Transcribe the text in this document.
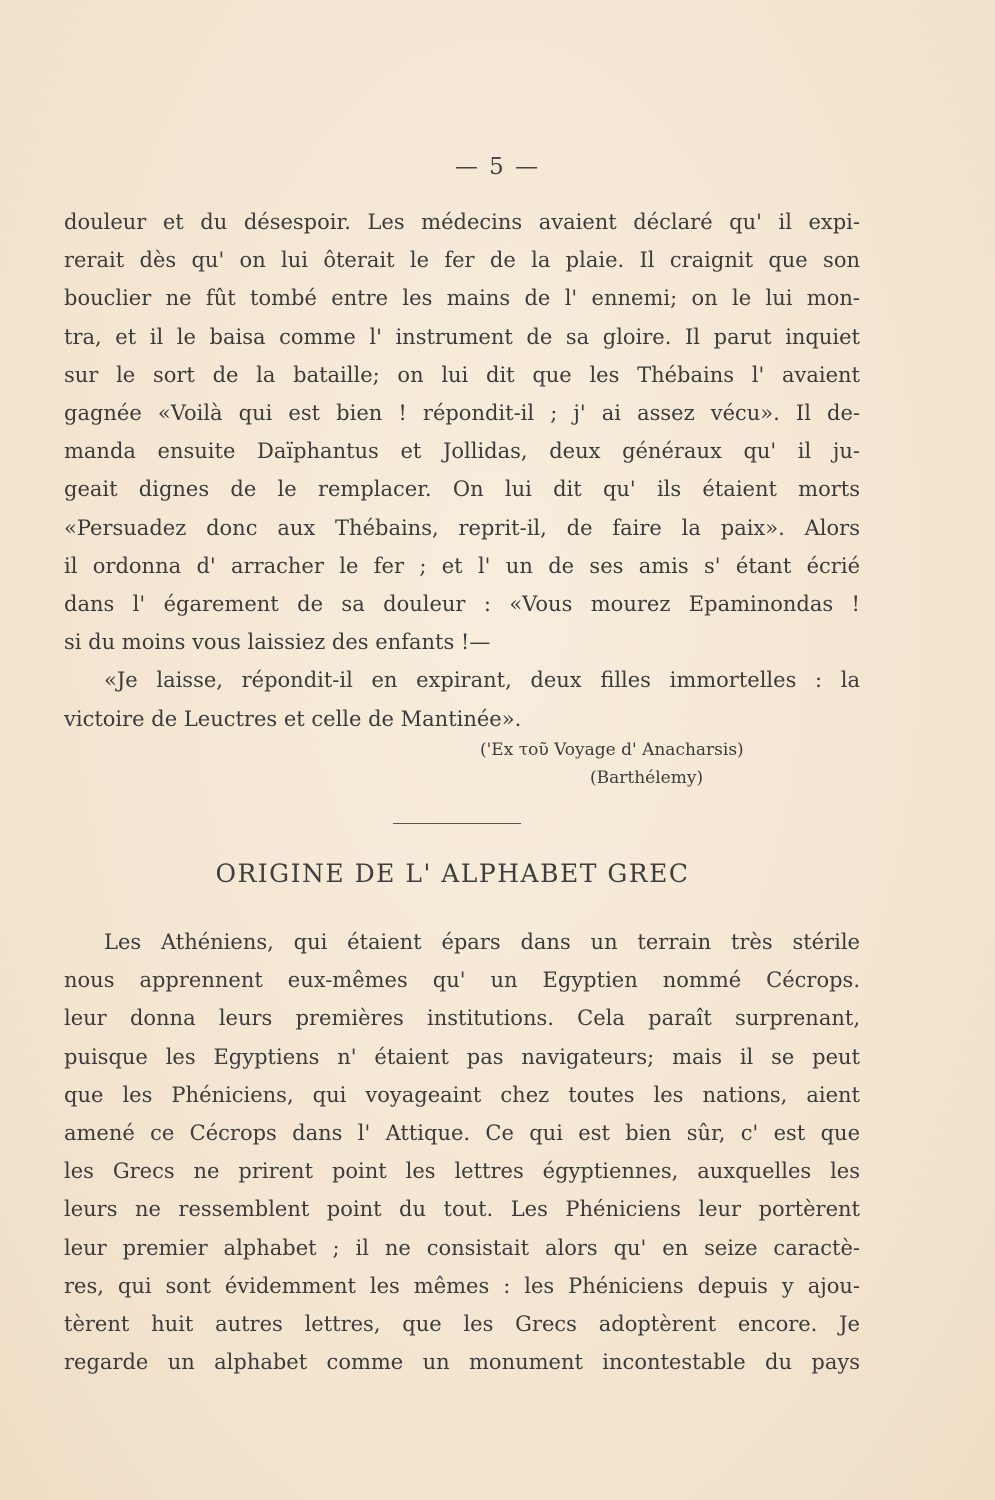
— 5 —
douleur et du désespoir. Les médecins avaient déclaré qu' il expi-
rerait dès qu' on lui ôterait le fer de la plaie. Il craignit que son
bouclier ne fût tombé entre les mains de l' ennemi; on le lui mon-
tra, et il le baisa comme l' instrument de sa gloire. Il parut inquiet
sur le sort de la bataille; on lui dit que les Thébains l' avaient
gagnée «Voilà qui est bien ! répondit-il ; j' ai assez vécu». Il de-
manda ensuite Daïphantus et Jollidas, deux généraux qu' il ju-
geait dignes de le remplacer. On lui dit qu' ils étaient morts
«Persuadez donc aux Thébains, reprit-il, de faire la paix». Alors
il ordonna d' arracher le fer ; et l' un de ses amis s' étant écrié
dans l' égarement de sa douleur : «Vous mourez Epaminondas !
si du moins vous laissiez des enfants !—
«Je laisse, répondit-il en expirant, deux filles immortelles : la
victoire de Leuctres et celle de Mantinée».
('Ex τοῦ Voyage d' Anacharsis)
(Barthélemy)
ORIGINE DE L' ALPHABET GREC
Les Athéniens, qui étaient épars dans un terrain très stérile
nous apprennent eux-mêmes qu' un Egyptien nommé Cécrops.
leur donna leurs premières institutions. Cela paraît surprenant,
puisque les Egyptiens n' étaient pas navigateurs; mais il se peut
que les Phéniciens, qui voyageaint chez toutes les nations, aient
amené ce Cécrops dans l' Attique. Ce qui est bien sûr, c' est que
les Grecs ne prirent point les lettres égyptiennes, auxquelles les
leurs ne ressemblent point du tout. Les Phéniciens leur portèrent
leur premier alphabet ; il ne consistait alors qu' en seize caractè-
res, qui sont évidemment les mêmes : les Phéniciens depuis y ajou-
tèrent huit autres lettres, que les Grecs adoptèrent encore. Je
regarde un alphabet comme un monument incontestable du pays
